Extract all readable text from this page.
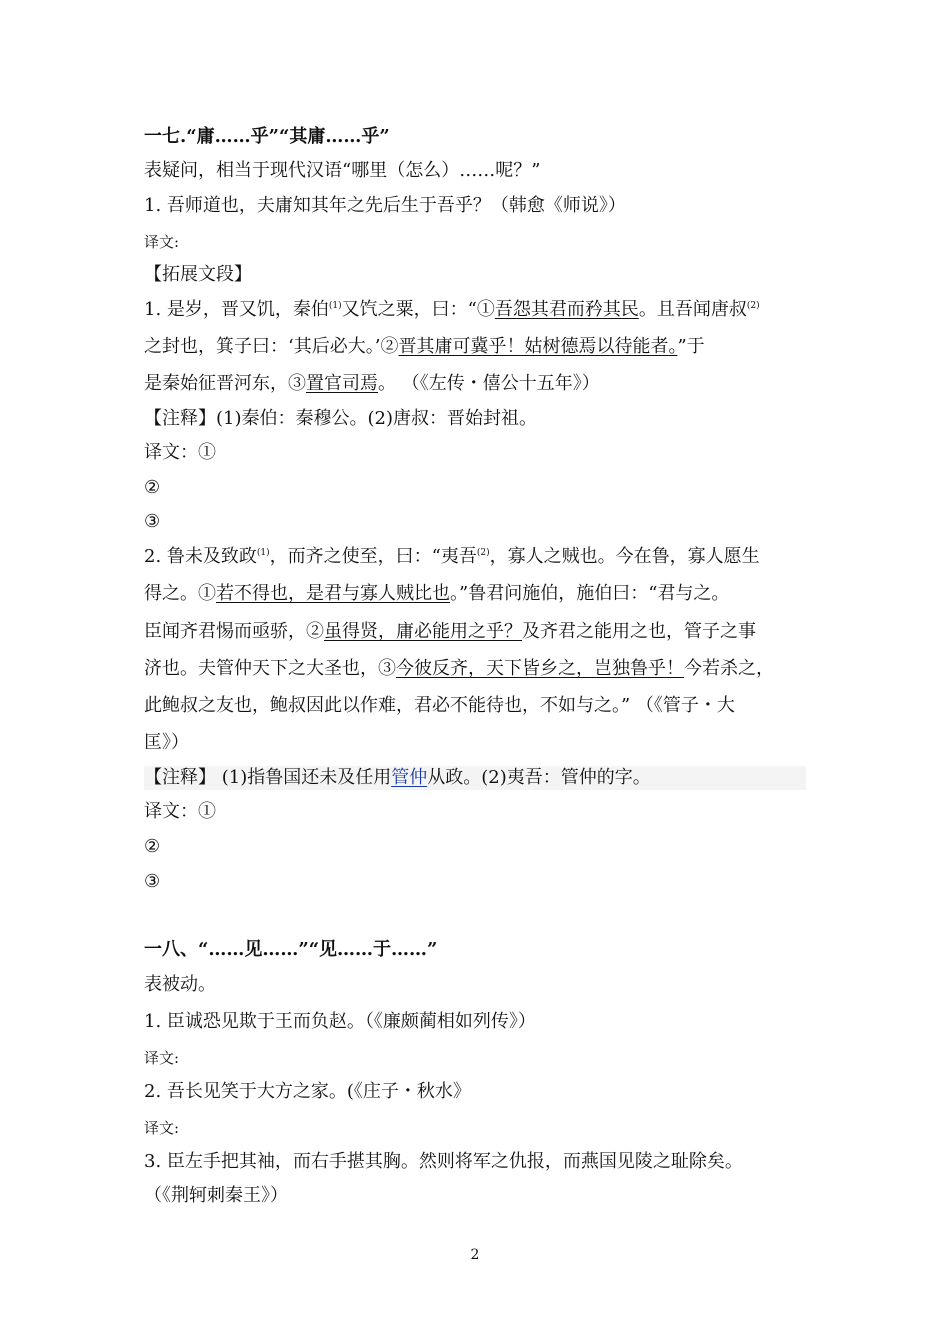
一七.“庸……乎”“其庸……乎”
表疑问，相当于现代汉语“哪里（怎么）……呢？”
1. 吾师道也，夫庸知其年之先后生于吾乎？（韩愈《师说》）
译文:
【拓展文段】
1. 是岁，晋又饥，秦伯$^{(1)}$又饩之粟，曰：“①吾怨其君而矜其民。且吾闻唐叔$^{(2)}$
之封也，箕子曰：‘其后必大。’②晋其庸可冀乎！姑树德焉以待能者。”于
是秦始征晋河东，③置官司焉。 （《左传・僖公十五年》）
【注释】(1)秦伯：秦穆公。(2)唐叔：晋始封祖。
译文：①
②
③
2. 鲁未及致政$^{(1)}$，而齐之使至，曰：“夷吾$^{(2)}$，寡人之贼也。今在鲁，寡人愿生
得之。①若不得也，是君与寡人贼比也。”鲁君问施伯，施伯曰：“君与之。
臣闻齐君惕而亟骄，②虽得贤，庸必能用之乎？及齐君之能用之也，管子之事
济也。夫管仲天下之大圣也，③今彼反齐，天下皆乡之，岂独鲁乎！今若杀之，
此鲍叔之友也，鲍叔因此以作难，君必不能待也，不如与之。” （《管子・大
匡》）
【注释】 (1)指鲁国还未及任用管仲从政。(2)夷吾：管仲的字。
译文：①
②
③
一八、“……见……”“见……于……”
表被动。
1. 臣诚恐见欺于王而负赵。（《廉颇蔺相如列传》）
译文:
2. 吾长见笑于大方之家。(《庄子・秋水》
译文:
3. 臣左手把其袖，而右手揕其胸。然则将军之仇报，而燕国见陵之耻除矣。
（《荆轲刺秦王》）
2
